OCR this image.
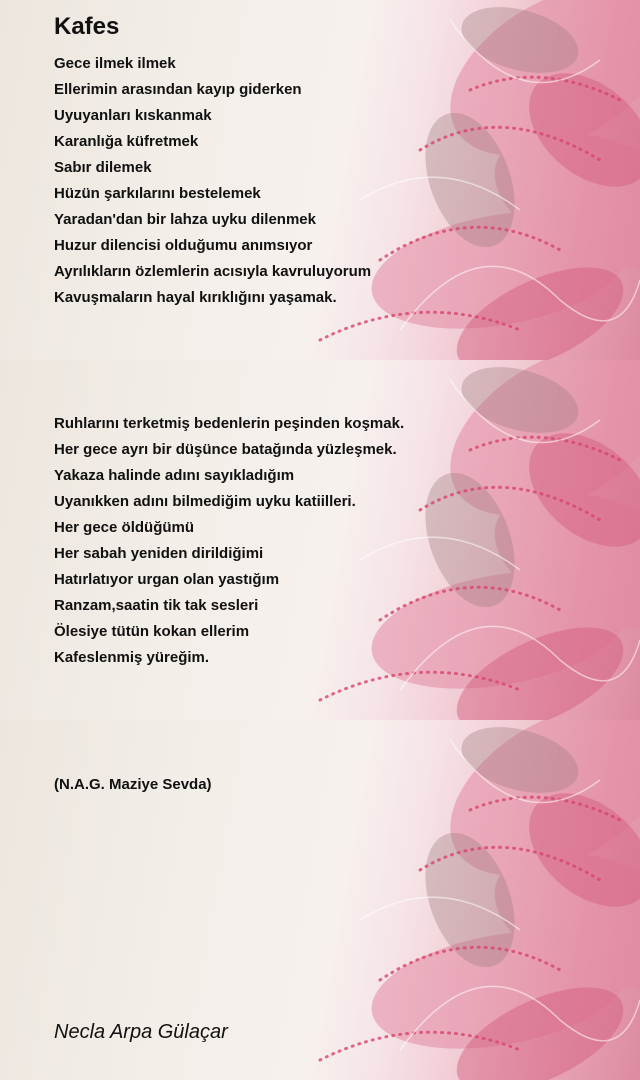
Kafes
Gece ilmek ilmek
Ellerimin arasından kayıp giderken
Uyuyanları kıskanmak
Karanlığa küfretmek
Sabır dilemek
Hüzün şarkılarını bestelemek
Yaradan'dan bir lahza uyku dilenmek
Huzur dilencisi olduğumu anımsıyor
Ayrılıkların özlemlerin acısıyla kavruluyorum
Kavuşmaların hayal kırıklığını yaşamak.
Ruhlarını terketmiş bedenlerin peşinden koşmak.
Her gece ayrı bir düşünce batağında yüzleşmek.
Yakaza halinde adını sayıkladığım
Uyanıkken adını bilmediğim uyku katiilleri.
Her gece öldüğümü
Her sabah yeniden dirildiğimi
Hatırlatıyor urgan olan yastığım
Ranzam,saatin tik tak sesleri
Ölesiye tütün kokan ellerim
Kafeslenmiş yüreğim.

(N.A.G. Maziye Sevda)

Necla Arpa Gülaçar
